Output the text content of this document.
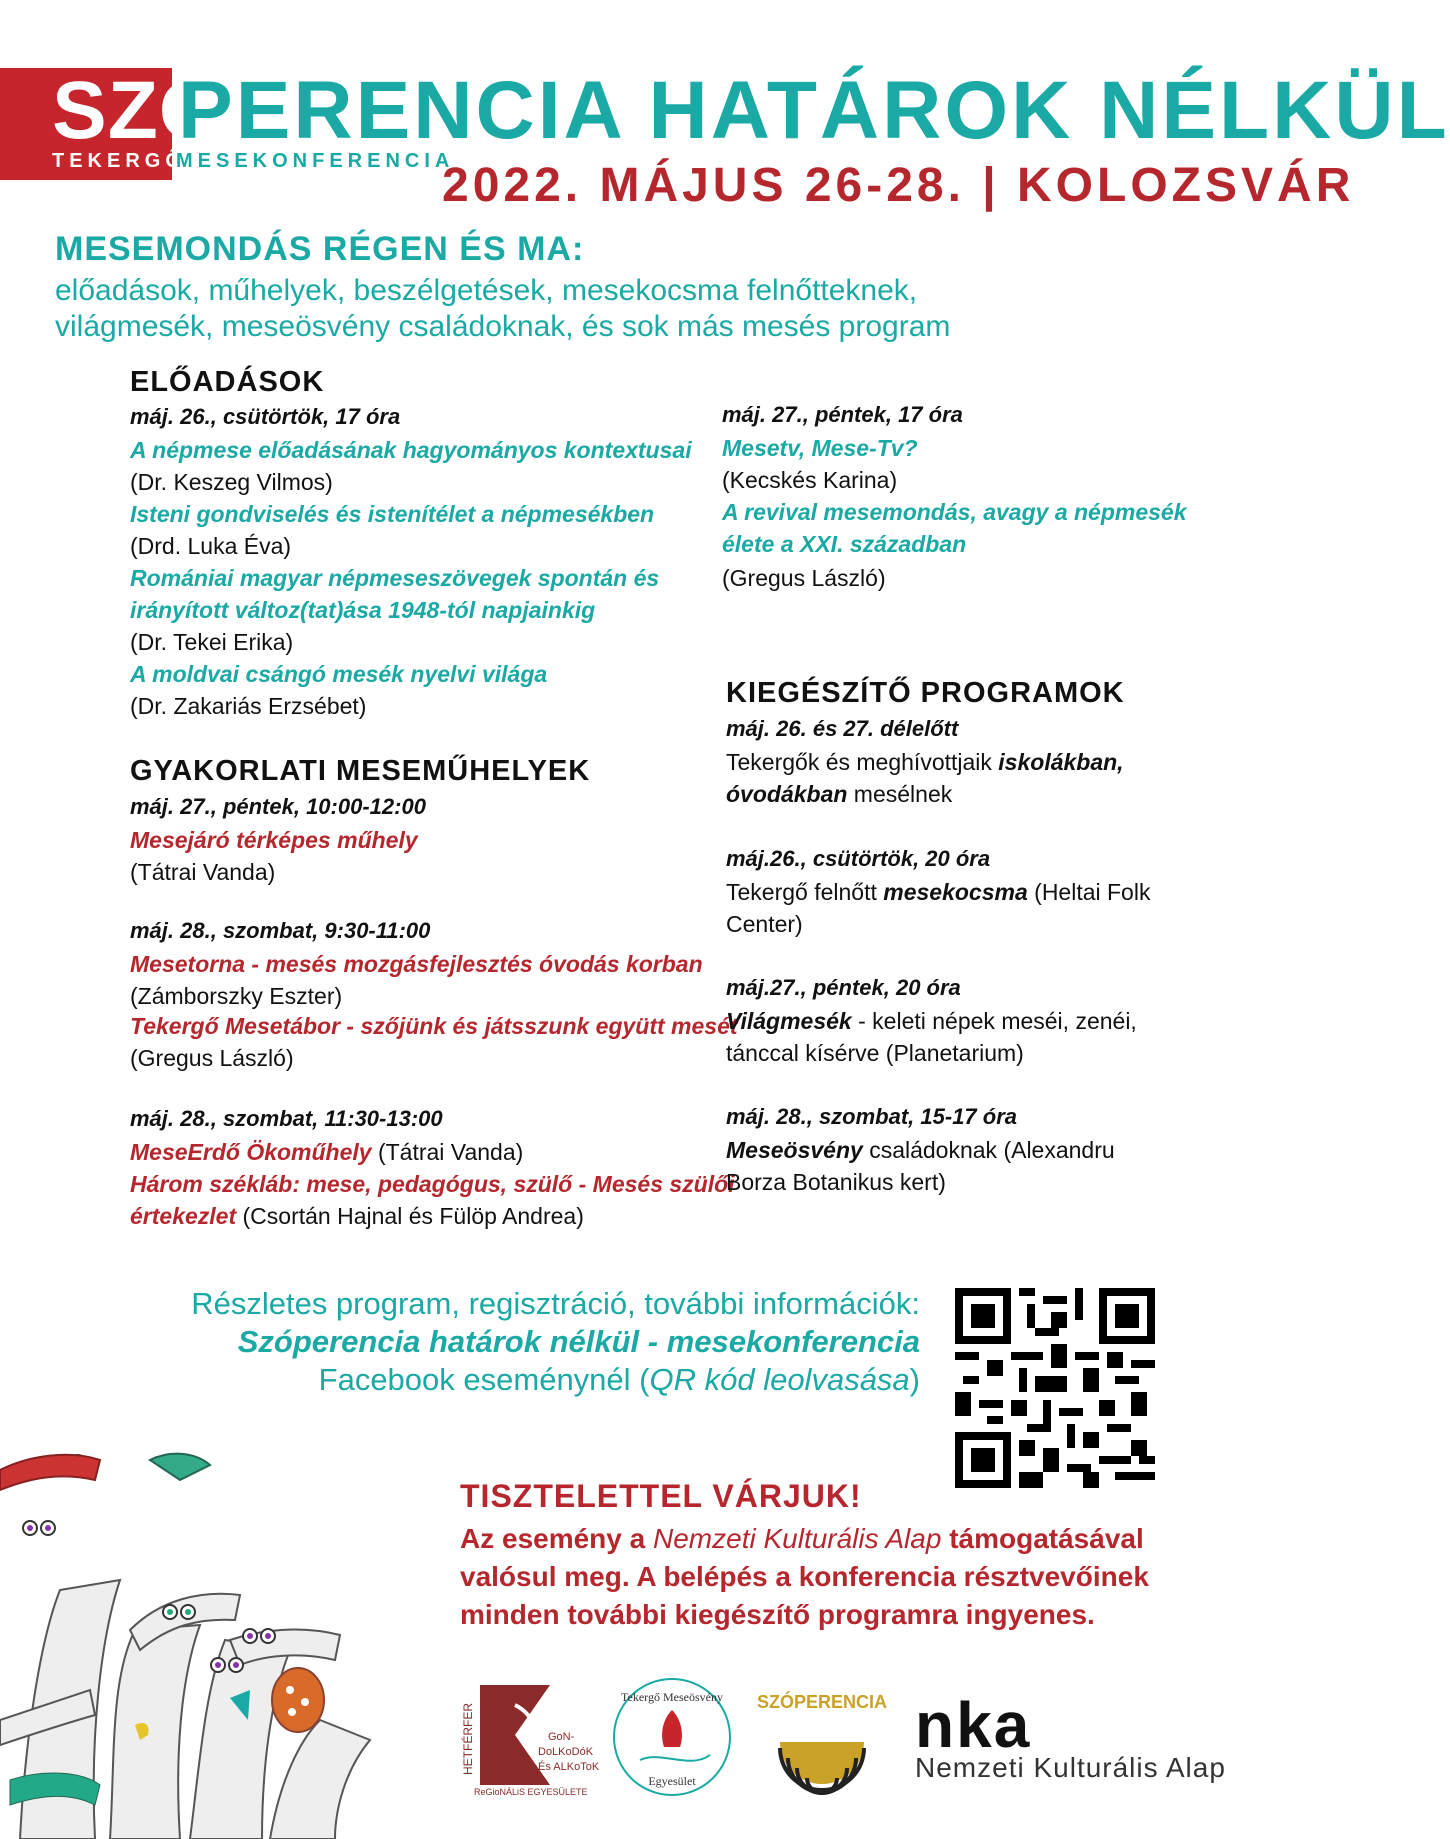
SZÓ
TEKERGŐ
PERENCIA HATÁROK NÉLKÜL
MESEKONFERENCIA
2022. MÁJUS 26-28. | KOLOZSVÁR
MESEMONDÁS RÉGEN ÉS MA:
előadások, műhelyek, beszélgetések, mesekocsma felnőtteknek,
világmesék, meseösvény családoknak, és sok más mesés program
ELŐADÁSOK
máj. 26., csütörtök, 17 óra
A népmese előadásának hagyományos kontextusai
(Dr. Keszeg Vilmos)
Isteni gondviselés és istenítélet a népmesékben
(Drd. Luka Éva)
Romániai magyar népmeseszövegek spontán és
irányított változ(tat)ása 1948-tól napjainkig
(Dr. Tekei Erika)
A moldvai csángó mesék nyelvi világa
(Dr. Zakariás Erzsébet)
máj. 27., péntek, 17 óra
Mesetv, Mese-Tv?
(Kecskés Karina)
A revival mesemondás, avagy a népmesék
élete a XXI. században
(Gregus László)
GYAKORLATI MESEMŰHELYEK
máj. 27., péntek, 10:00-12:00
Mesejáró térképes műhely
(Tátrai Vanda)
máj. 28., szombat, 9:30-11:00
Mesetorna - mesés mozgásfejlesztés óvodás korban
(Zámborszky Eszter)
Tekergő Mesetábor - szőjünk és játsszunk együtt mesét
(Gregus László)
máj. 28., szombat, 11:30-13:00
MeseErdő Ökoműhely (Tátrai Vanda)
Három székláb: mese, pedagógus, szülő - Mesés szülői
értekezlet (Csortán Hajnal és Fülöp Andrea)
KIEGÉSZÍTŐ PROGRAMOK
máj. 26. és 27. délelőtt
Tekergők és meghívottjaik iskolákban,
óvodákban mesélnek
máj.26., csütörtök, 20 óra
Tekergő felnőtt mesekocsma (Heltai Folk
Center)
máj.27., péntek, 20 óra
Világmesék - keleti népek meséi, zenéi,
tánccal kísérve (Planetarium)
máj. 28., szombat, 15-17 óra
Meseösvény családoknak (Alexandru
Borza Botanikus kert)
Részletes program, regisztráció, további információk:
Szóperencia határok nélkül - mesekonferencia
Facebook eseménynél (QR kód leolvasása)
TISZTELETTEL VÁRJUK!
Az esemény a Nemzeti Kulturális Alap támogatásával
valósul meg. A belépés a konferencia résztvevőinek
minden további kiegészítő programra ingyenes.
HETFÉRFER	GoN-
DoLKoDóK
És ALKoToK
ReGioNÁLiS EGYESÜLETE
Tekergő Meseösvény
Egyesület
SZÓPERENCIA nka
Nemzeti Kulturális Alap
